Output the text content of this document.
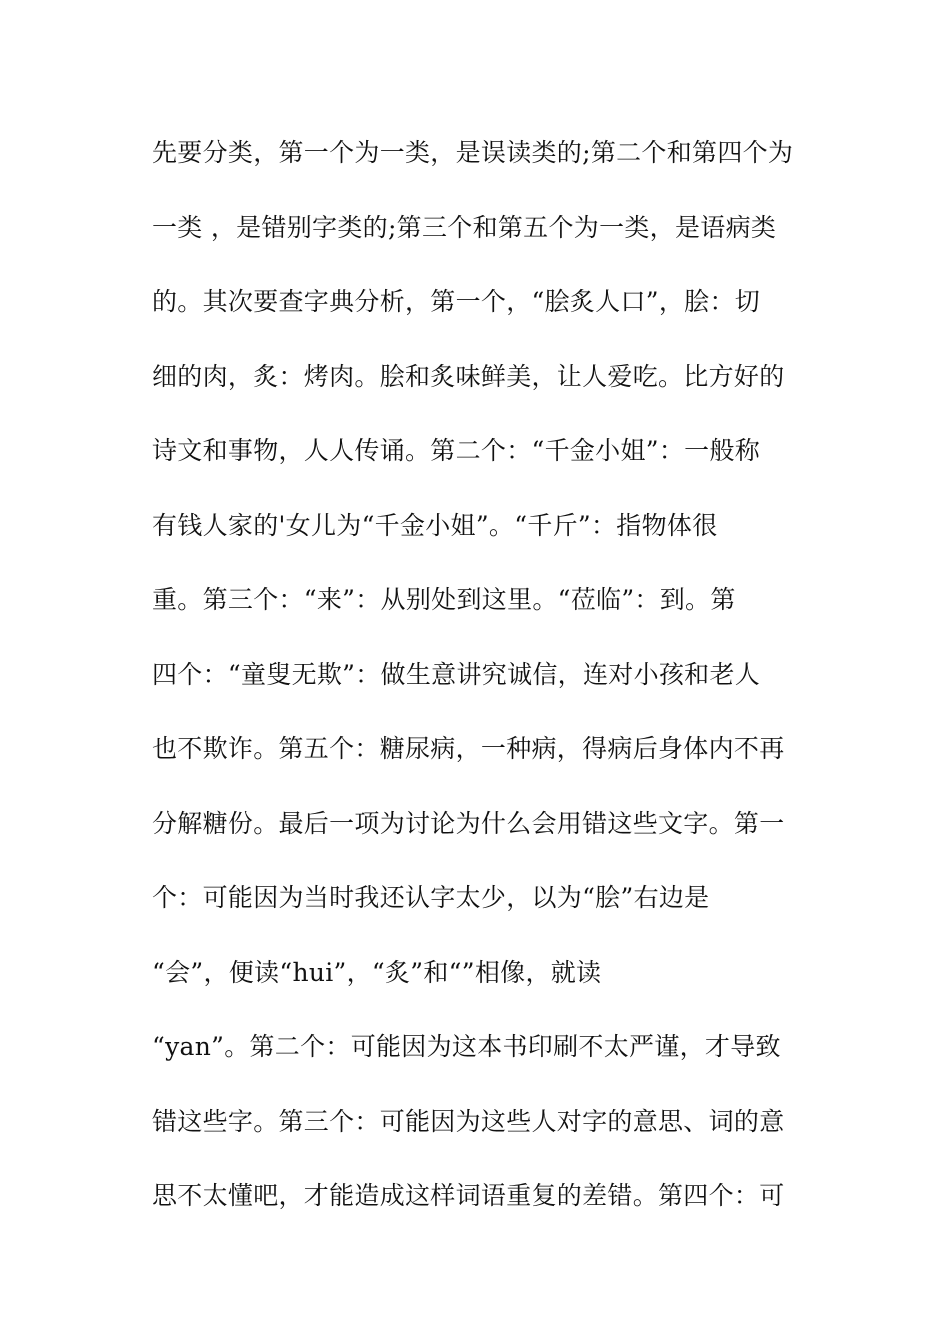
先要分类，第一个为一类，是误读类的;第二个和第四个为
一类 ，是错别字类的;第三个和第五个为一类，是语病类
的。其次要查字典分析，第一个，“脍炙人口”，脍：切
细的肉，炙：烤肉。脍和炙味鲜美，让人爱吃。比方好的
诗文和事物，人人传诵。第二个：“千金小姐”：一般称
有钱人家的'女儿为“千金小姐”。“千斤”：指物体很
重。第三个：“来”：从别处到这里。“莅临”：到。第
四个：“童叟无欺”：做生意讲究诚信，连对小孩和老人
也不欺诈。第五个：糖尿病，一种病，得病后身体内不再
分解糖份。最后一项为讨论为什么会用错这些文字。第一
个：可能因为当时我还认字太少，以为“脍”右边是
“会”，便读“hui”，“炙”和“”相像，就读
“yan”。第二个：可能因为这本书印刷不太严谨，才导致
错这些字。第三个：可能因为这些人对字的意思、词的意
思不太懂吧，才能造成这样词语重复的差错。第四个：可
